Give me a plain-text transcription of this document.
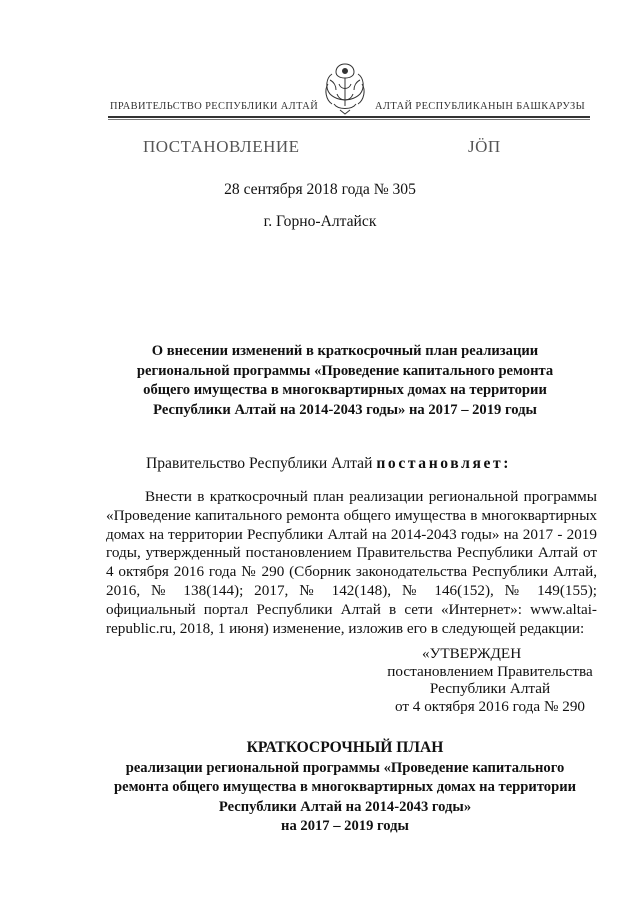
ПРАВИТЕЛЬСТВО РЕСПУБЛИКИ АЛТАЙ	АЛТАЙ РЕСПУБЛИКАНЫН БАШКАРУЗЫ
ПОСТАНОВЛЕНИЕ	ЈӦП
28 сентября 2018 года № 305
г. Горно-Алтайск
О внесении изменений в краткосрочный план реализации
региональной программы «Проведение капитального ремонта
общего имущества в многоквартирных домах на территории
Республики Алтай на 2014-2043 годы» на 2017 – 2019 годы
Правительство Республики Алтай постановляет:
Внести в краткосрочный план реализации региональной программы «Проведение капитального ремонта общего имущества в многоквартирных домах на территории Республики Алтай на 2014-2043 годы» на 2017 - 2019 годы, утвержденный постановлением Правительства Республики Алтай от 4 октября 2016 года № 290 (Сборник законодательства Республики Алтай, 2016, № 138(144); 2017, № 142(148), № 146(152), № 149(155); официальный портал Республики Алтай в сети «Интернет»: www.altai-republic.ru, 2018, 1 июня) изменение, изложив его в следующей редакции:
«УТВЕРЖДЕН
постановлением Правительства
Республики Алтай
от 4 октября 2016 года № 290
КРАТКОСРОЧНЫЙ ПЛАН
реализации региональной программы «Проведение капитального
ремонта общего имущества в многоквартирных домах на территории
Республики Алтай на 2014-2043 годы»
на 2017 – 2019 годы
